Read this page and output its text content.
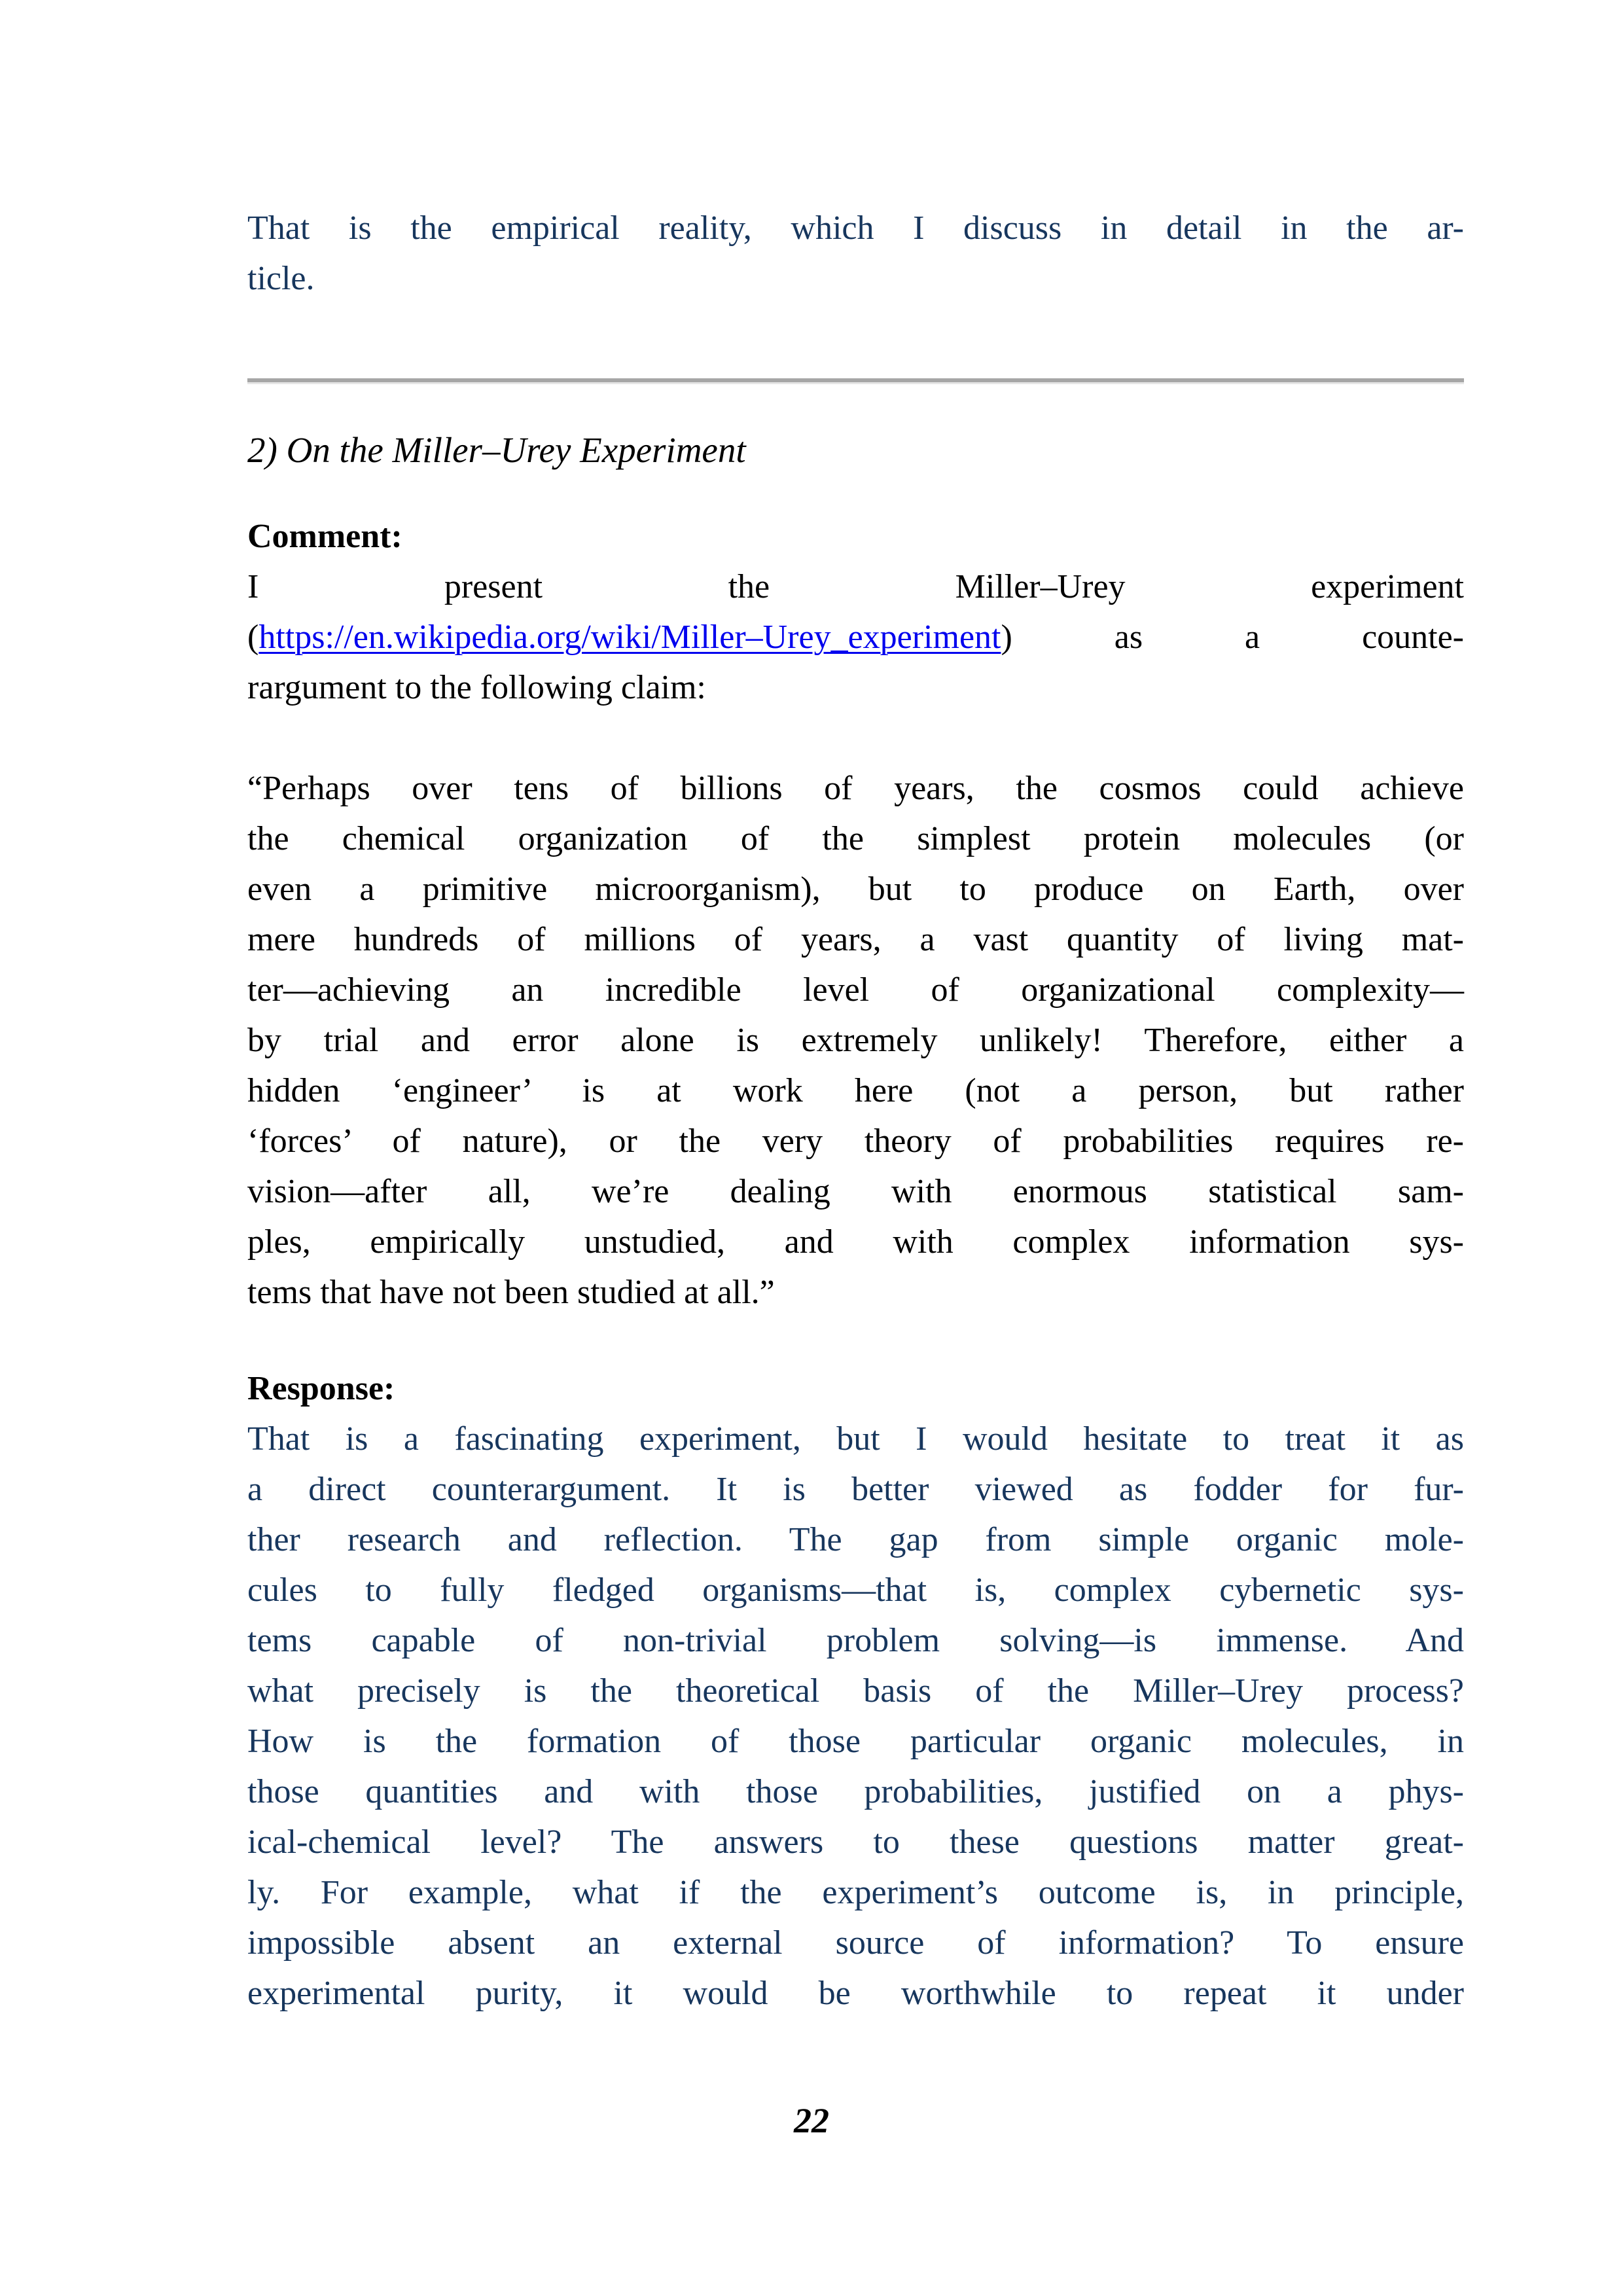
That is the empirical reality, which I discuss in detail in the ar-
ticle.
2) On the Miller–Urey Experiment
Comment:
I present the Miller–Urey experiment
(https://en.wikipedia.org/wiki/Miller–Urey_experiment) as a counte-
rargument to the following claim:
“Perhaps over tens of billions of years, the cosmos could achieve
the chemical organization of the simplest protein molecules (or
even a primitive microorganism), but to produce on Earth, over
mere hundreds of millions of years, a vast quantity of living mat-
ter—achieving an incredible level of organizational complexity—
by trial and error alone is extremely unlikely! Therefore, either a
hidden ‘engineer’ is at work here (not a person, but rather
‘forces’ of nature), or the very theory of probabilities requires re-
vision—after all, we’re dealing with enormous statistical sam-
ples, empirically unstudied, and with complex information sys-
tems that have not been studied at all.”
Response:
That is a fascinating experiment, but I would hesitate to treat it as
a direct counterargument. It is better viewed as fodder for fur-
ther research and reflection. The gap from simple organic mole-
cules to fully fledged organisms—that is, complex cybernetic sys-
tems capable of non-trivial problem solving—is immense. And
what precisely is the theoretical basis of the Miller–Urey process?
How is the formation of those particular organic molecules, in
those quantities and with those probabilities, justified on a phys-
ical-chemical level? The answers to these questions matter great-
ly. For example, what if the experiment’s outcome is, in principle,
impossible absent an external source of information? To ensure
experimental purity, it would be worthwhile to repeat it under
22
